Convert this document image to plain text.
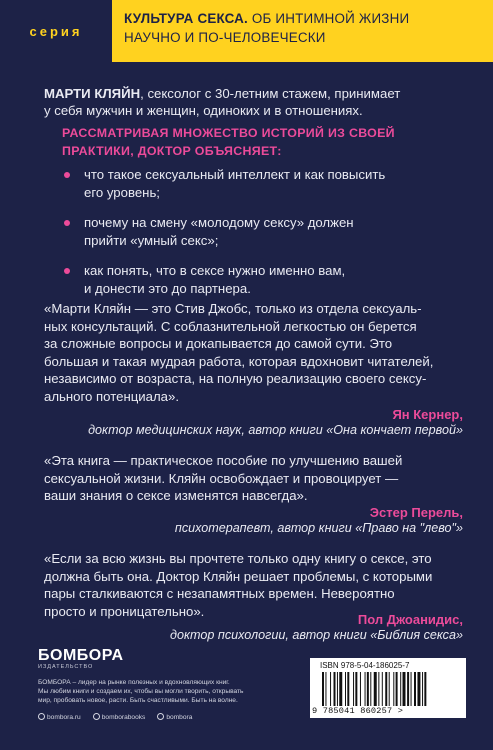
серия
КУЛЬТУРА СЕКСА. ОБ ИНТИМНОЙ ЖИЗНИ
НАУЧНО И ПО-ЧЕЛОВЕЧЕСКИ
МАРТИ КЛЯЙН, сексолог с 30-летним стажем, принимает
у себя мужчин и женщин, одиноких и в отношениях.
РАССМАТРИВАЯ МНОЖЕСТВО ИСТОРИЙ ИЗ СВОЕЙ
ПРАКТИКИ, ДОКТОР ОБЪЯСНЯЕТ:
что такое сексуальный интеллект и как повысить
его уровень;
почему на смену «молодому сексу» должен
прийти «умный секс»;
как понять, что в сексе нужно именно вам,
и донести это до партнера.
«Марти Кляйн — это Стив Джобс, только из отдела сексуаль-
ных консультаций. С соблазнительной легкостью он берется
за сложные вопросы и докапывается до самой сути. Это
большая и такая мудрая работа, которая вдохновит читателей,
независимо от возраста, на полную реализацию своего сексу-
ального потенциала».
Ян Кернер,
доктор медицинских наук, автор книги «Она кончает первой»
«Эта книга — практическое пособие по улучшению вашей
сексуальной жизни. Кляйн освобождает и провоцирует —
ваши знания о сексе изменятся навсегда».
Эстер Перель,
психотерапевт, автор книги «Право на "лево"»
«Если за всю жизнь вы прочтете только одну книгу о сексе, это
должна быть она. Доктор Кляйн решает проблемы, с которыми
пары сталкиваются с незапамятных времен. Невероятно
просто и проницательно».
Пол Джоанидис,
доктор психологии, автор книги «Библия секса»
БОМБОРА
ИЗДАТЕЛЬСТВО
БОМБОРА – лидер на рынке полезных и вдохновляющих книг.
Мы любим книги и создаем их, чтобы вы могли творить, открывать
мир, пробовать новое, расти. Быть счастливыми. Быть на волне.
bombora.ru	bomborabooks	bombora
ISBN 978-5-04-186025-7
9 785041 860257 >
